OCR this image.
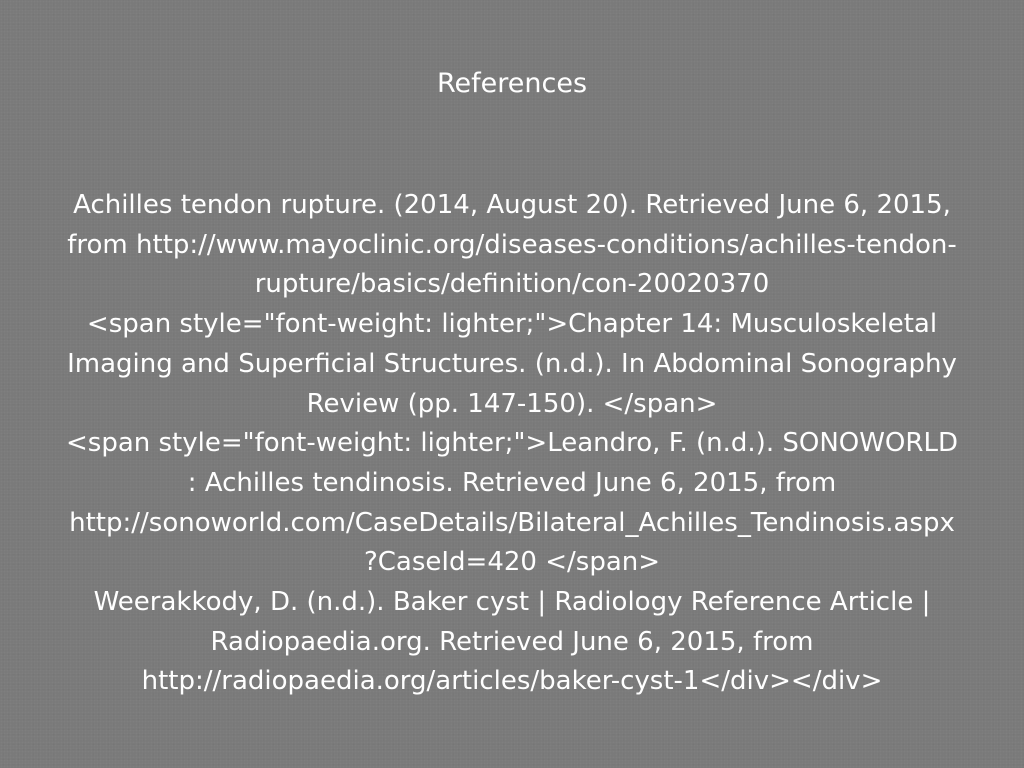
References
Achilles tendon rupture. (2014, August 20). Retrieved June 6, 2015,
from http://www.mayoclinic.org/diseases-conditions/achilles-tendon-
rupture/basics/definition/con-20020370
<span style="font-weight: lighter;">Chapter 14: Musculoskeletal
Imaging and Superficial Structures. (n.d.). In Abdominal Sonography
Review (pp. 147-150). </span>
<span style="font-weight: lighter;">Leandro, F. (n.d.). SONOWORLD
: Achilles tendinosis. Retrieved June 6, 2015, from
http://sonoworld.com/CaseDetails/Bilateral_Achilles_Tendinosis.aspx
?CaseId=420 </span>
Weerakkody, D. (n.d.). Baker cyst | Radiology Reference Article |
Radiopaedia.org. Retrieved June 6, 2015, from
http://radiopaedia.org/articles/baker-cyst-1</div></div>
